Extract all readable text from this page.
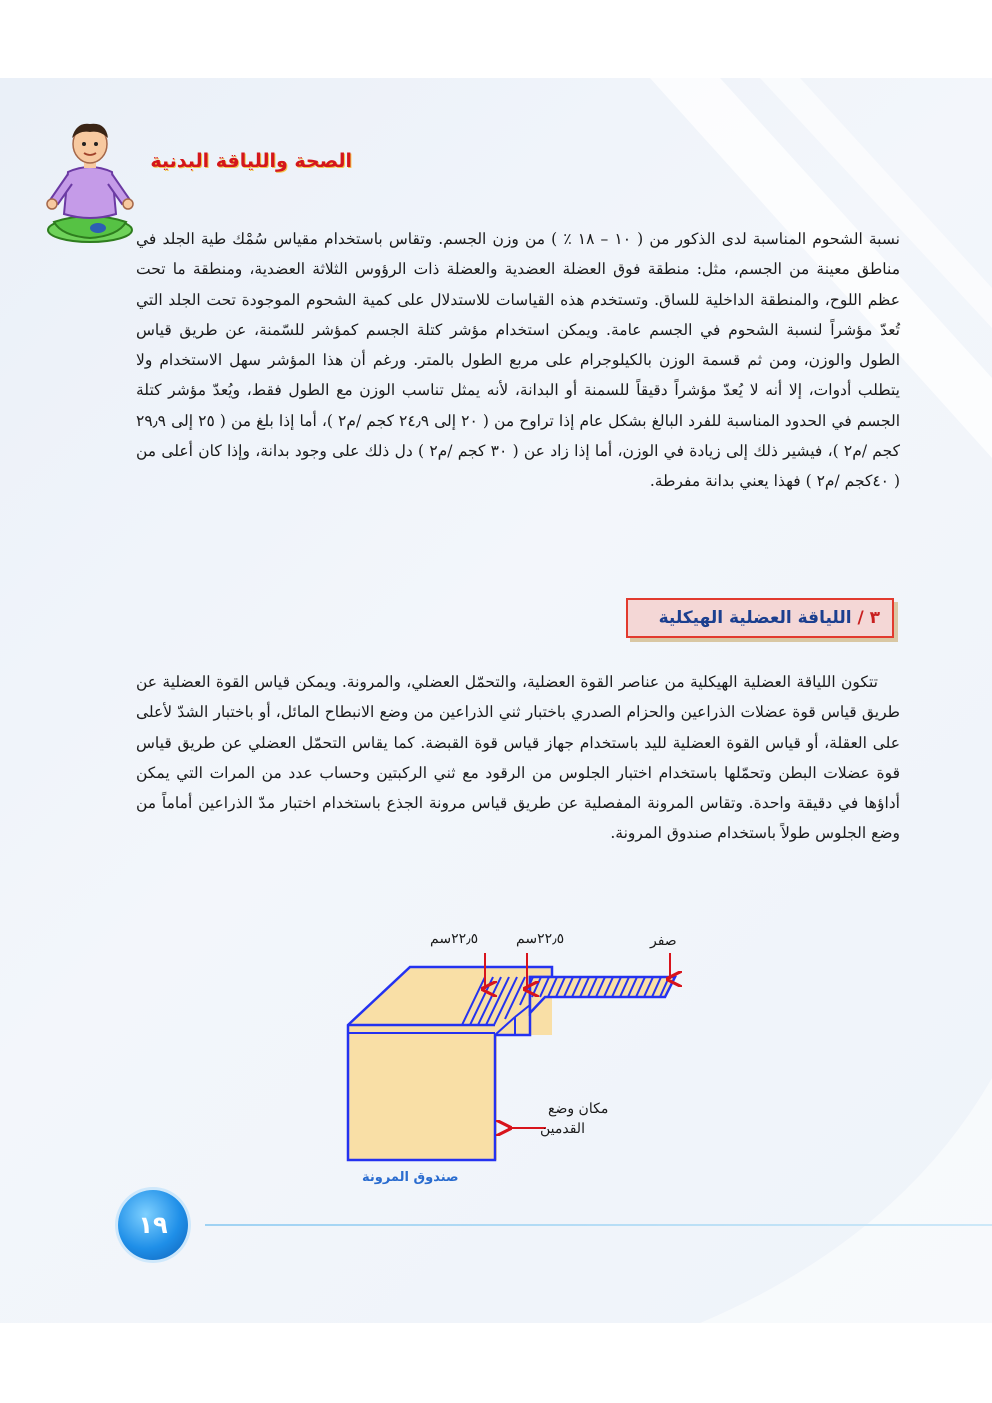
الصحة واللياقة البدنية

نسبة الشحوم المناسبة لدى الذكور من ( ١٠ – ١٨ ٪ ) من وزن الجسم. وتقاس باستخدام مقياس سُمْك طية الجلد في مناطق معينة من الجسم، مثل: منطقة فوق العضلة العضدية والعضلة ذات الرؤوس الثلاثة العضدية، ومنطقة ما تحت عظم اللوح، والمنطقة الداخلية للساق. وتستخدم هذه القياسات للاستدلال على كمية الشحوم الموجودة تحت الجلد التي تُعدّ مؤشراً لنسبة الشحوم في الجسم عامة. ويمكن استخدام مؤشر كتلة الجسم كمؤشر للسّمنة، عن طريق قياس الطول والوزن، ومن ثم قسمة الوزن بالكيلوجرام على مربع الطول بالمتر. ورغم أن هذا المؤشر سهل الاستخدام ولا يتطلب أدوات، إلا أنه لا يُعدّ مؤشراً دقيقاً للسمنة أو البدانة، لأنه يمثل تناسب الوزن مع الطول فقط، ويُعدّ مؤشر كتلة الجسم في الحدود المناسبة للفرد البالغ بشكل عام إذا تراوح من ( ٢٠ إلى ٢٤٫٩ كجم /م٢ )، أما إذا بلغ من ( ٢٥ إلى ٢٩٫٩ كجم /م٢ )، فيشير ذلك إلى زيادة في الوزن، أما إذا زاد عن ( ٣٠ كجم /م٢ ) دل ذلك على وجود بدانة، وإذا كان أعلى من ( ٤٠كجم /م٢ ) فهذا يعني بدانة مفرطة.

٣ / اللياقة العضلية الهيكلية

تتكون اللياقة العضلية الهيكلية من عناصر القوة العضلية، والتحمّل العضلي، والمرونة. ويمكن قياس القوة العضلية عن طريق قياس قوة عضلات الذراعين والحزام الصدري باختبار ثني الذراعين من وضع الانبطاح المائل، أو باختبار الشدّ لأعلى على العقلة، أو قياس القوة العضلية لليد باستخدام جهاز قياس قوة القبضة. كما يقاس التحمّل العضلي عن طريق قياس قوة عضلات البطن وتحمّلها باستخدام اختبار الجلوس من الرقود مع ثني الركبتين وحساب عدد من المرات التي يمكن أداؤها في دقيقة واحدة. وتقاس المرونة المفصلية عن طريق قياس مرونة الجذع باستخدام اختبار مدّ الذراعين أماماً من وضع الجلوس طولاً باستخدام صندوق المرونة.

٢٢٫٥سم	٢٢٫٥سم	صفر
مكان وضع
القدمين
صندوق المرونة
١٩
